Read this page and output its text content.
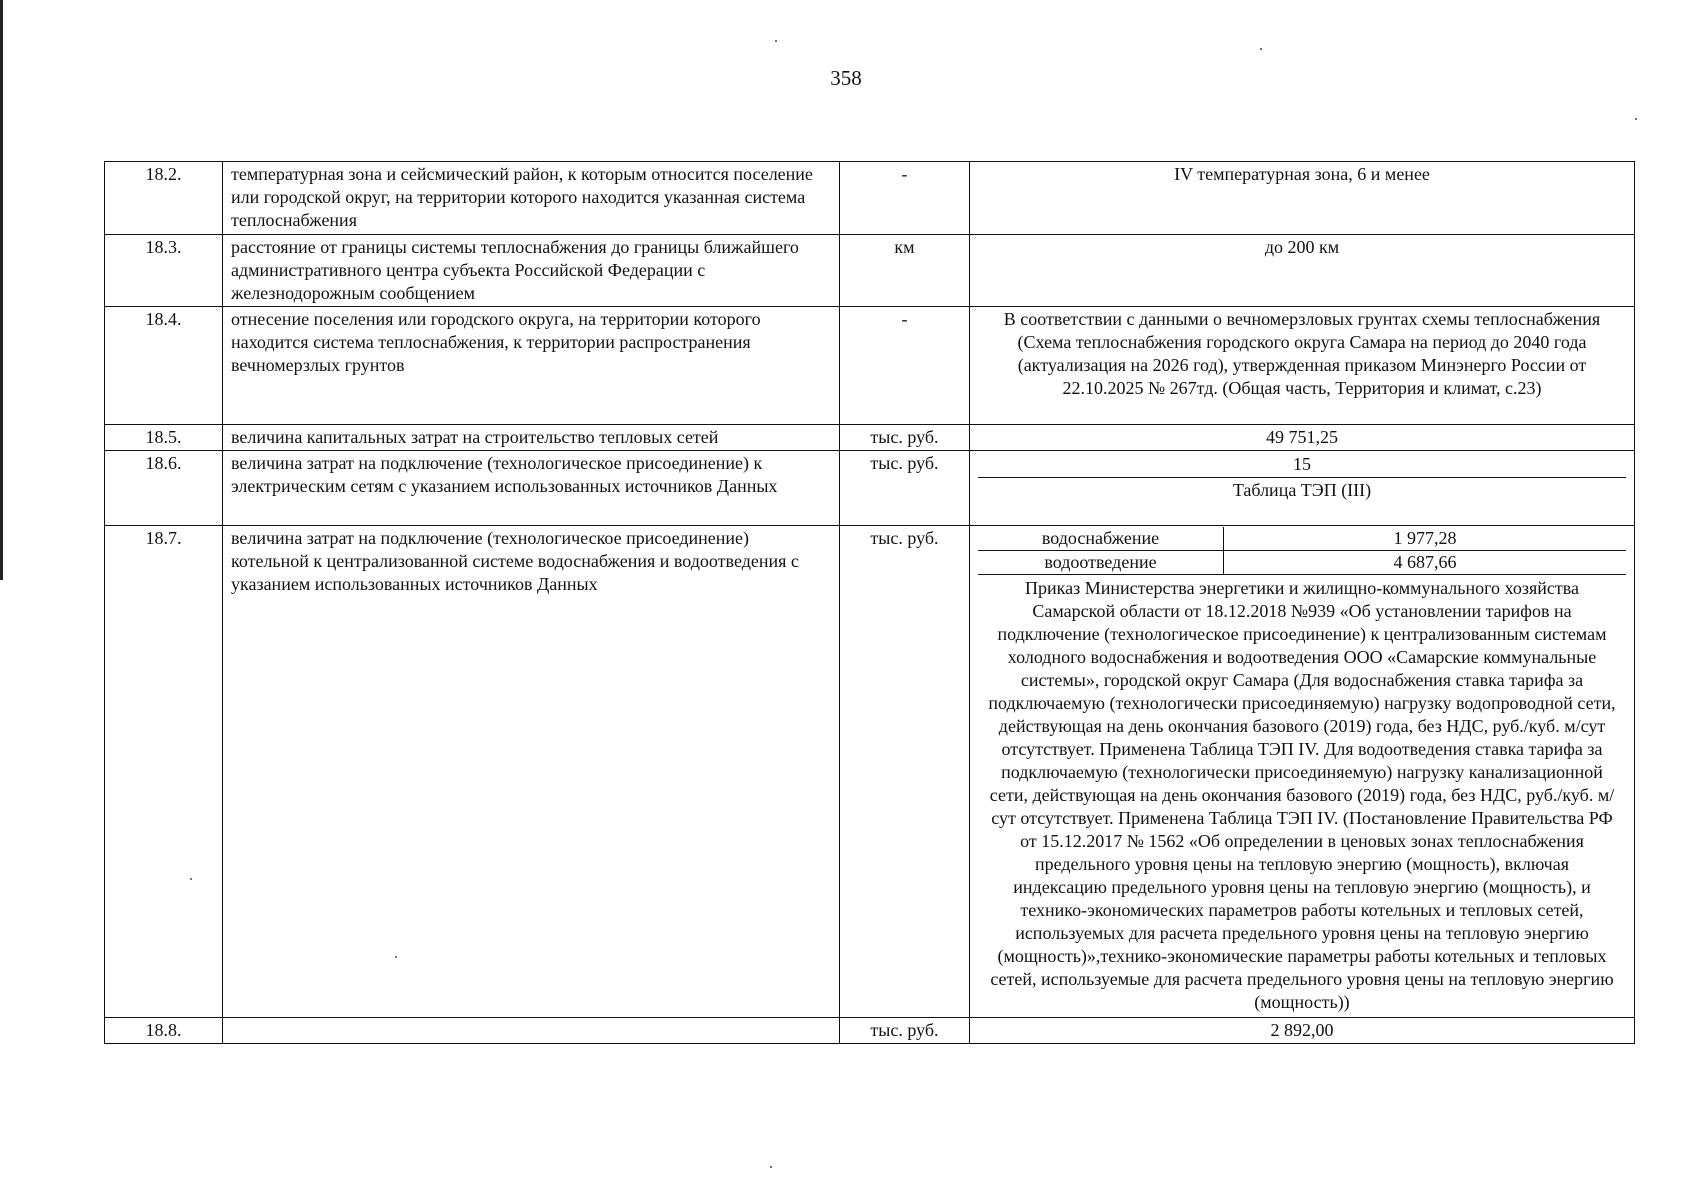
358
18.2.	температурная зона и сейсмический район, к которым относится поселение или городской округ, на территории которого находится указанная система теплоснабжения	-	IV температурная зона, 6 и менее
18.3.	расстояние от границы системы теплоснабжения до границы ближайшего административного центра субъекта Российской Федерации с железнодорожным сообщением	км	до 200 км
18.4.	отнесение поселения или городского округа, на территории которого находится система теплоснабжения, к территории распространения вечномерзлых грунтов	-	В соответствии с данными о вечномерзловых грунтах схемы теплоснабжения (Схема теплоснабжения городского округа Самара на период до 2040 года (актуализация на 2026 год), утвержденная приказом Минэнерго России от 22.10.2025 № 267тд. (Общая часть, Территория и климат, с.23)
18.5.	величина капитальных затрат на строительство тепловых сетей	тыс. руб.	49 751,25
18.6.	величина затрат на подключение (технологическое присоединение) к электрическим сетям с указанием использованных источников Данных	тыс. руб.	15
Таблица ТЭП (III)

18.7.	величина затрат на подключение (технологическое присоединение) котельной к централизованной системе водоснабжения и водоотведения с указанием использованных источников Данных	тыс. руб.	водоснабжение 1 977,28
водоотведение 4 687,66
Приказ Министерства энергетики и жилищно-коммунального хозяйства Самарской области от 18.12.2018 №939 «Об установлении тарифов на подключение (технологическое присоединение) к централизованным системам холодного водоснабжения и водоотведения ООО «Самарские коммунальные системы», городской округ Самара (Для водоснабжения ставка тарифа за подключаемую (технологически присоединяемую) нагрузку водопроводной сети, действующая на день окончания базового (2019) года, без НДС, руб./куб. м/сут отсутствует. Применена Таблица ТЭП IV. Для водоотведения ставка тарифа за подключаемую (технологически присоединяемую) нагрузку канализационной сети, действующая на день окончания базового (2019) года, без НДС, руб./куб. м/сут отсутствует. Применена Таблица ТЭП IV. (Постановление Правительства РФ от 15.12.2017 № 1562 «Об определении в ценовых зонах теплоснабжения предельного уровня цены на тепловую энергию (мощность), включая индексацию предельного уровня цены на тепловую энергию (мощность), и технико-экономических параметров работы котельных и тепловых сетей, используемых для расчета предельного уровня цены на тепловую энергию (мощность)»,технико-экономические параметры работы котельных и тепловых сетей, используемые для расчета предельного уровня цены на тепловую энергию (мощность))

18.8.		тыс. руб.	2 892,00
